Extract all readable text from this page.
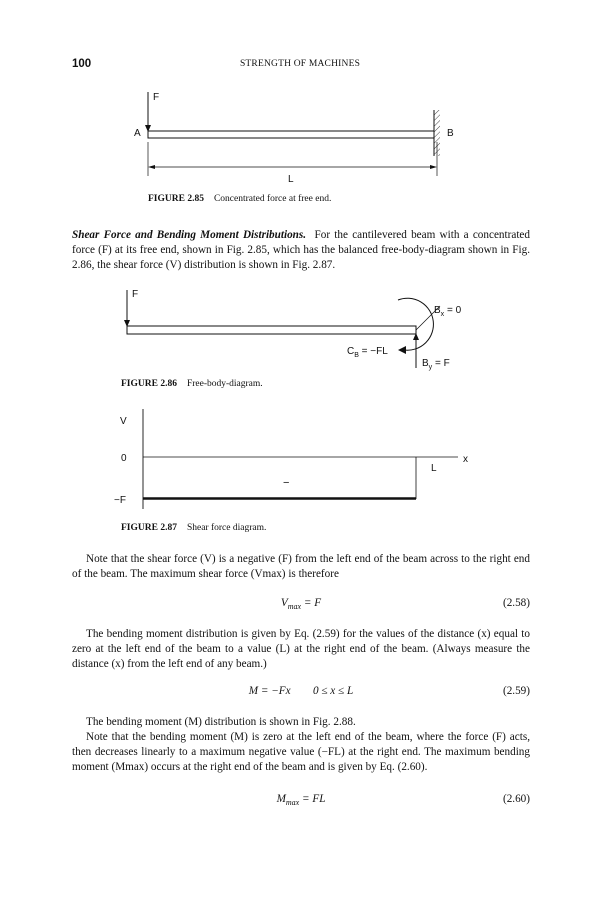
100	STRENGTH OF MACHINES
F
A	B
L
FIGURE 2.85 Concentrated force at free end.

Shear Force and Bending Moment Distributions. For the cantilevered beam with a concentrated force (F) at its free end, shown in Fig. 2.85, which has the balanced free-body-diagram shown in Fig. 2.86, the shear force (V) distribution is shown in Fig. 2.87.

F
$B_x = 0$
$C_B = -FL$
$B_y = F$
FIGURE 2.86 Free-body-diagram.
V
0	x
L
−
−F
FIGURE 2.87 Shear force diagram.

Note that the shear force (V) is a negative (F) from the left end of the beam across to the right end of the beam. The maximum shear force (Vmax) is therefore

$V_{max} = F$	(2.58)

The bending moment distribution is given by Eq. (2.59) for the values of the distance (x) equal to zero at the left end of the beam to a value (L) at the right end of the beam. (Always measure the distance (x) from the left end of any beam.)

M = −Fx        0 ≤ x ≤ L	(2.59)

The bending moment (M) distribution is shown in Fig. 2.88.

Note that the bending moment (M) is zero at the left end of the beam, where the force (F) acts, then decreases linearly to a maximum negative value (−FL) at the right end. The maximum bending moment (Mmax) occurs at the right end of the beam and is given by Eq. (2.60).

$M_{max}$ = FL	(2.60)
